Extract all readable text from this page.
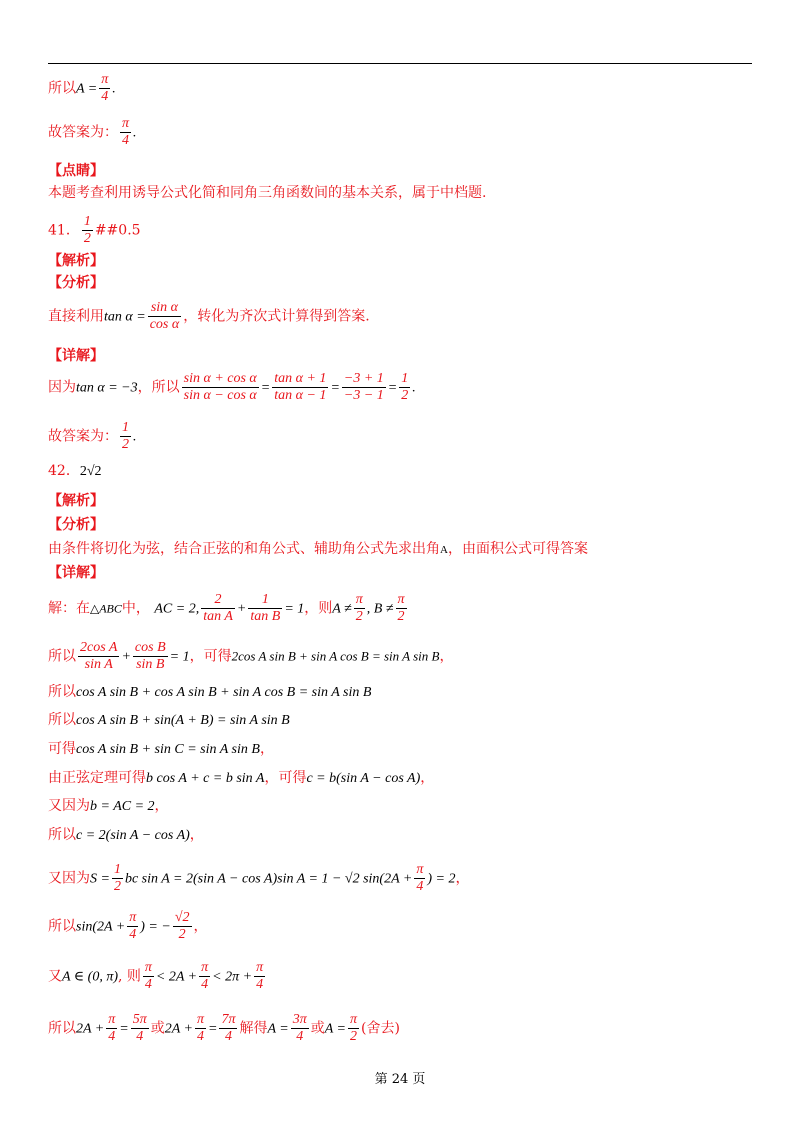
所以$A = \frac{\pi}{4}$ .
故答案为： $\frac{\pi}{4}$ .
【点睛】
本题考查利用诱导公式化简和同角三角函数间的基本关系，属于中档题.
41． $\frac{1}{2}$ ##0.5
【解析】
【分析】
直接利用$\tan \alpha = \frac{\text{sin α}}{\text{cos α}}$ ，转化为齐次式计算得到答案.
【详解】
因为tan α = −3，所以 $\frac{\text{sin α + cos α}}{\text{sin α − cos α}} = \frac{\text{tan α + 1}}{\text{tan α − 1}} = \frac{-3 + 1}{-3 - 1} = \frac{1}{2}$ .
故答案为： $\frac{1}{2}$ .
42．2√2
【解析】
【分析】
由条件将切化为弦，结合正弦的和角公式、辅助角公式先求出角A，由面积公式可得答案
【详解】
解：在△ABC中， AC = 2, $\frac{2}{\text{tan A}} + \frac{1}{\text{tan B}} = 1$，则$A \ne \frac{\pi}{2}$ , $B \ne \frac{\pi}{2}$
所以 $\frac{\text{2cos A}}{\text{sin A}} + \frac{\text{cos B}}{\text{sin B}} = 1$，可得2cos A sin B + sin A cos B = sin A sin B，
所以cos A sin B + cos A sin B + sin A cos B = sin A sin B
所以cos A sin B + sin(A + B) = sin A sin B
可得cos A sin B + sin C = sin A sin B，
由正弦定理可得b cos A + c = b sin A，可得c = b(sin A − cos A)，
又因为b = AC = 2，
所以c = 2(sin A − cos A)，
又因为$S = \frac{1}{2}$ bc sin A = 2(sin A − cos A)sin A = 1 − √2 $\sin(2A + \frac{\pi}{4}$ ) = 2，
所以$\sin(2A + \frac{\pi}{4}$ ) = − $\frac{√2}{2}$ ，
又A ∈ (0, π), 则 $\frac{\pi}{4} < 2A + \frac{\pi}{4} < 2\pi + \frac{\pi}{4}$
所以$2A + \frac{\pi}{4} = \frac{5\pi}{4}$ 或$2A + \frac{\pi}{4} = \frac{7\pi}{4}$ 解得$A = \frac{3\pi}{4}$ 或$A = \frac{\pi}{2}$ (舍去)
第 24 页
